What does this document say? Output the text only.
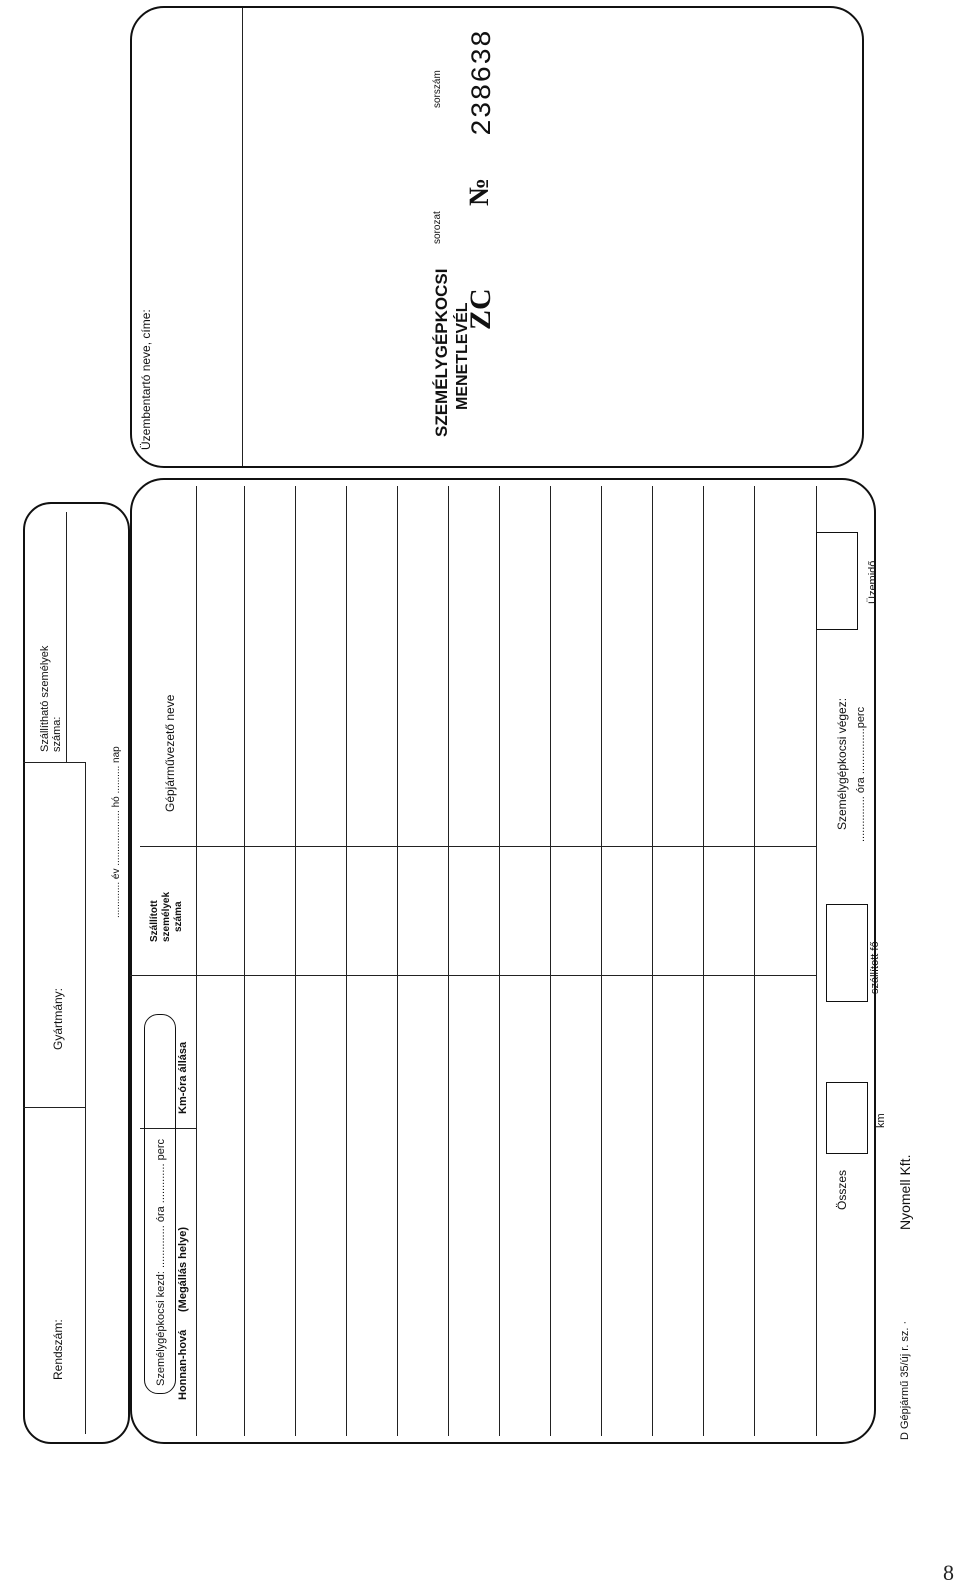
SZEMÉLYGÉPKOCSI MENETLEVÉL
sorozat
sorszám
ZC
№
238638
Rendszám:
Gyártmány:
Szállítható személyek száma:
............. év .................... hó .......... nap
Üzembentartó neve, címe:
Személygépkocsi kezd: .............. óra ............. perc Honnan-hová
(Megállás helye)
Km-óra állása
Szállított személyek száma
Gépjárművezető neve
Összes
km
szállított fő
Személygépkocsi végez: ............... óra ...............perc
Üzemidő
D Gépjármű 35/új r. sz. ·
Nyomell Kft.
8
